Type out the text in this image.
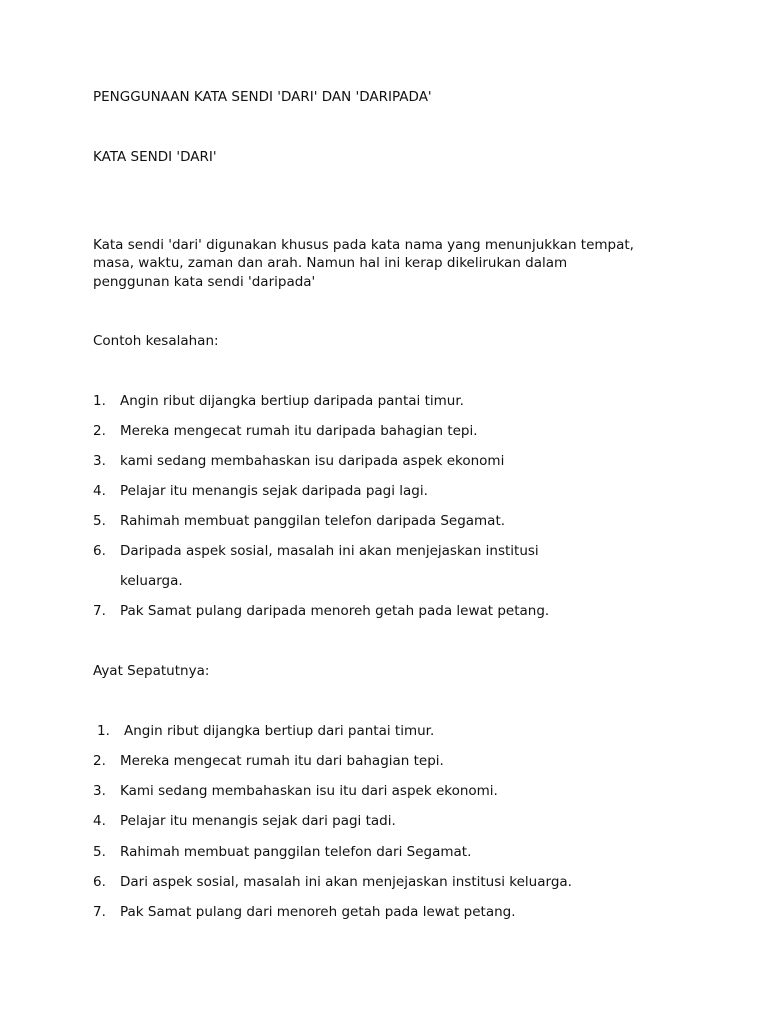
PENGGUNAAN KATA SENDI 'DARI' DAN 'DARIPADA'
KATA SENDI 'DARI'
Kata sendi 'dari' digunakan khusus pada kata nama yang menunjukkan tempat,
masa, waktu, zaman dan arah. Namun hal ini kerap dikelirukan dalam
penggunan kata sendi 'daripada'
Contoh kesalahan:
1. Angin ribut dijangka bertiup daripada pantai timur.
2. Mereka mengecat rumah itu daripada bahagian tepi.
3. kami sedang membahaskan isu daripada aspek ekonomi
4. Pelajar itu menangis sejak daripada pagi lagi.
5. Rahimah membuat panggilan telefon daripada Segamat.
6. Daripada aspek sosial, masalah ini akan menjejaskan institusi
keluarga.
7. Pak Samat pulang daripada menoreh getah pada lewat petang.
Ayat Sepatutnya:
1. Angin ribut dijangka bertiup dari pantai timur.
2. Mereka mengecat rumah itu dari bahagian tepi.
3. Kami sedang membahaskan isu itu dari aspek ekonomi.
4. Pelajar itu menangis sejak dari pagi tadi.
5. Rahimah membuat panggilan telefon dari Segamat.
6. Dari aspek sosial, masalah ini akan menjejaskan institusi keluarga.
7. Pak Samat pulang dari menoreh getah pada lewat petang.
